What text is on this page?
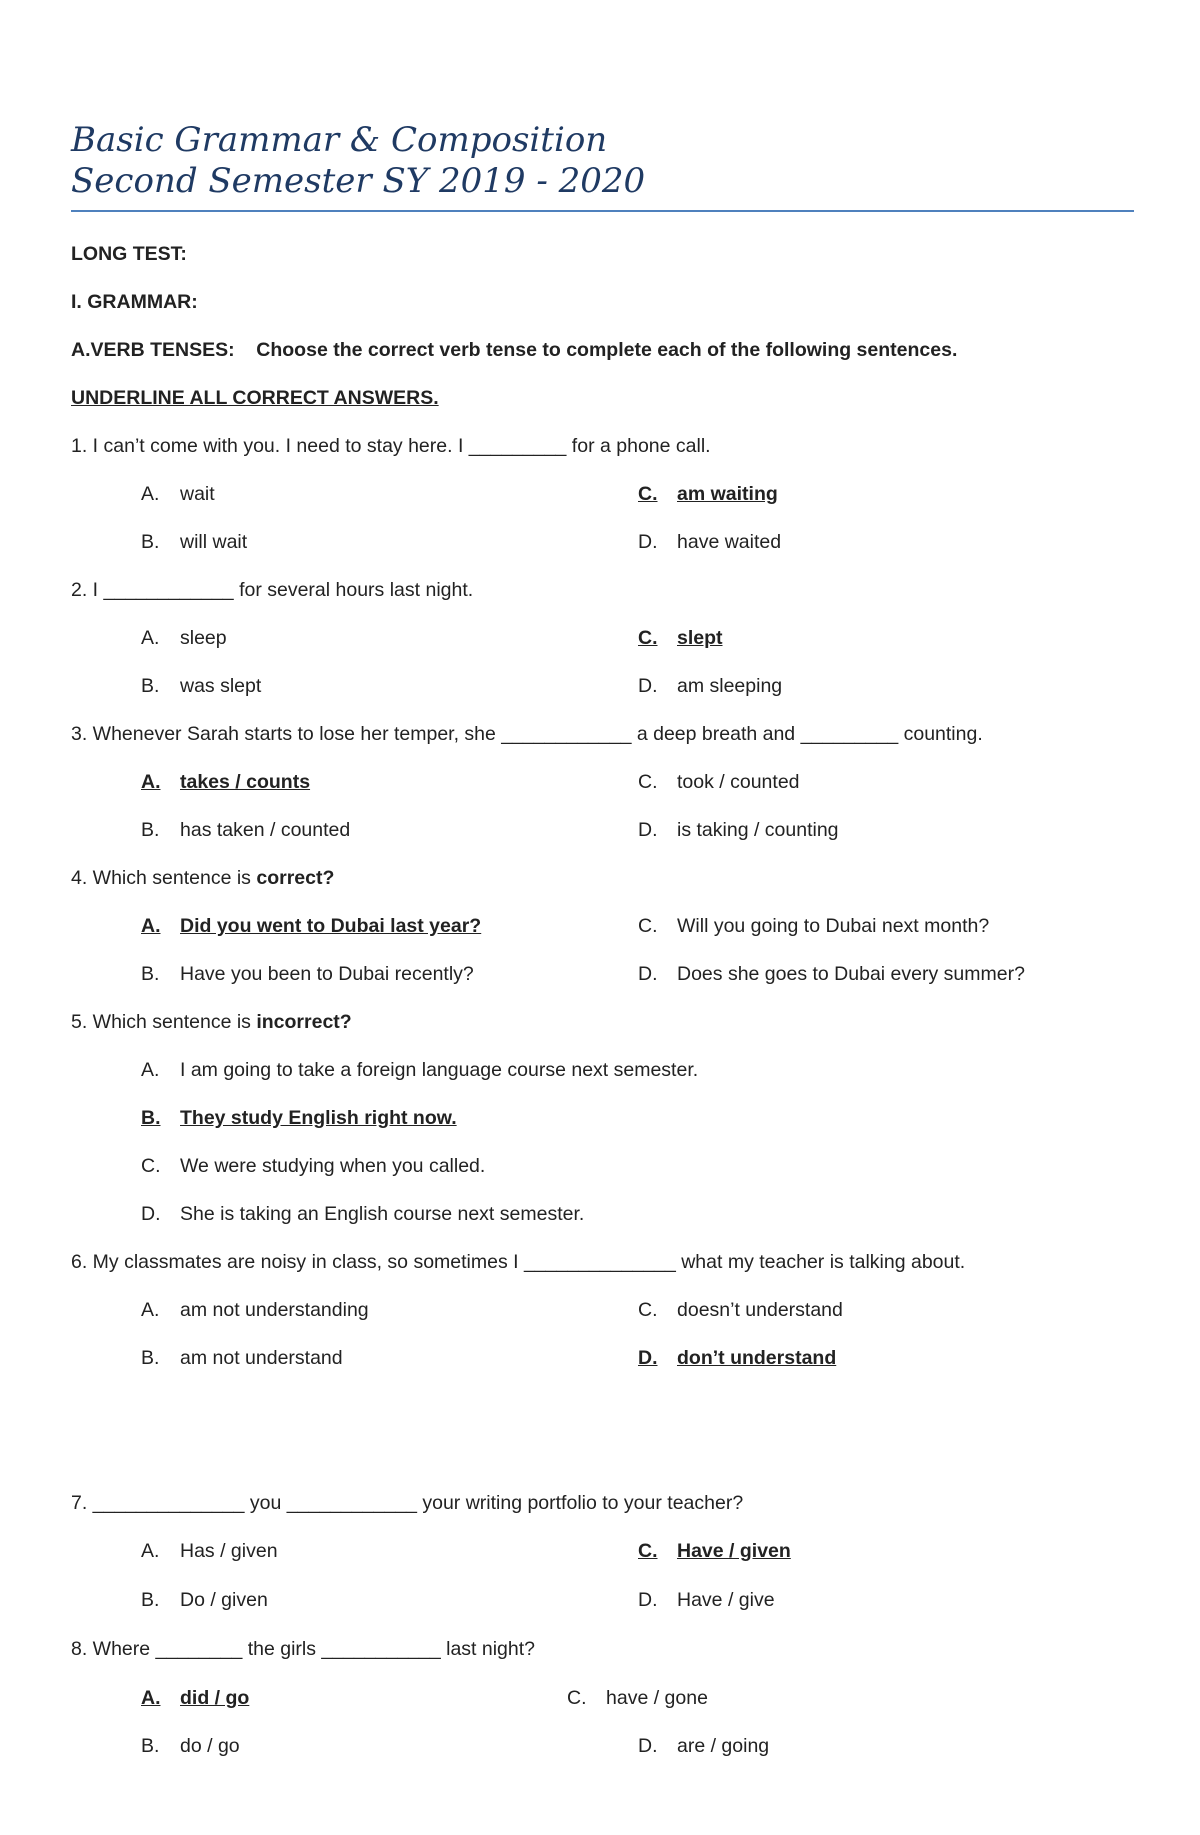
Basic Grammar & Composition
Second Semester SY 2019 - 2020
LONG TEST:
I. GRAMMAR:
A.VERB TENSES: Choose the correct verb tense to complete each of the following sentences.
UNDERLINE ALL CORRECT ANSWERS.
1. I can’t come with you. I need to stay here. I _________ for a phone call.
A. wait	C. am waiting
B. will wait	D. have waited
2. I ____________ for several hours last night.
A. sleep	C. slept
B. was slept	D. am sleeping
3. Whenever Sarah starts to lose her temper, she ____________ a deep breath and _________ counting.
A. takes / counts	C. took / counted
B. has taken / counted	D. is taking / counting
4. Which sentence is correct?
A. Did you went to Dubai last year?	C. Will you going to Dubai next month?
B. Have you been to Dubai recently?	D. Does she goes to Dubai every summer?
5. Which sentence is incorrect?
A. I am going to take a foreign language course next semester.
B. They study English right now.
C. We were studying when you called.
D. She is taking an English course next semester.
6. My classmates are noisy in class, so sometimes I ______________ what my teacher is talking about.
A. am not understanding	C. doesn’t understand
B. am not understand	D. don’t understand
7. ______________ you ____________ your writing portfolio to your teacher?
A. Has / given	C. Have / given
B. Do / given	D. Have / give
8. Where ________ the girls ___________ last night?
A. did / go	C. have / gone
B. do / go	D. are / going
